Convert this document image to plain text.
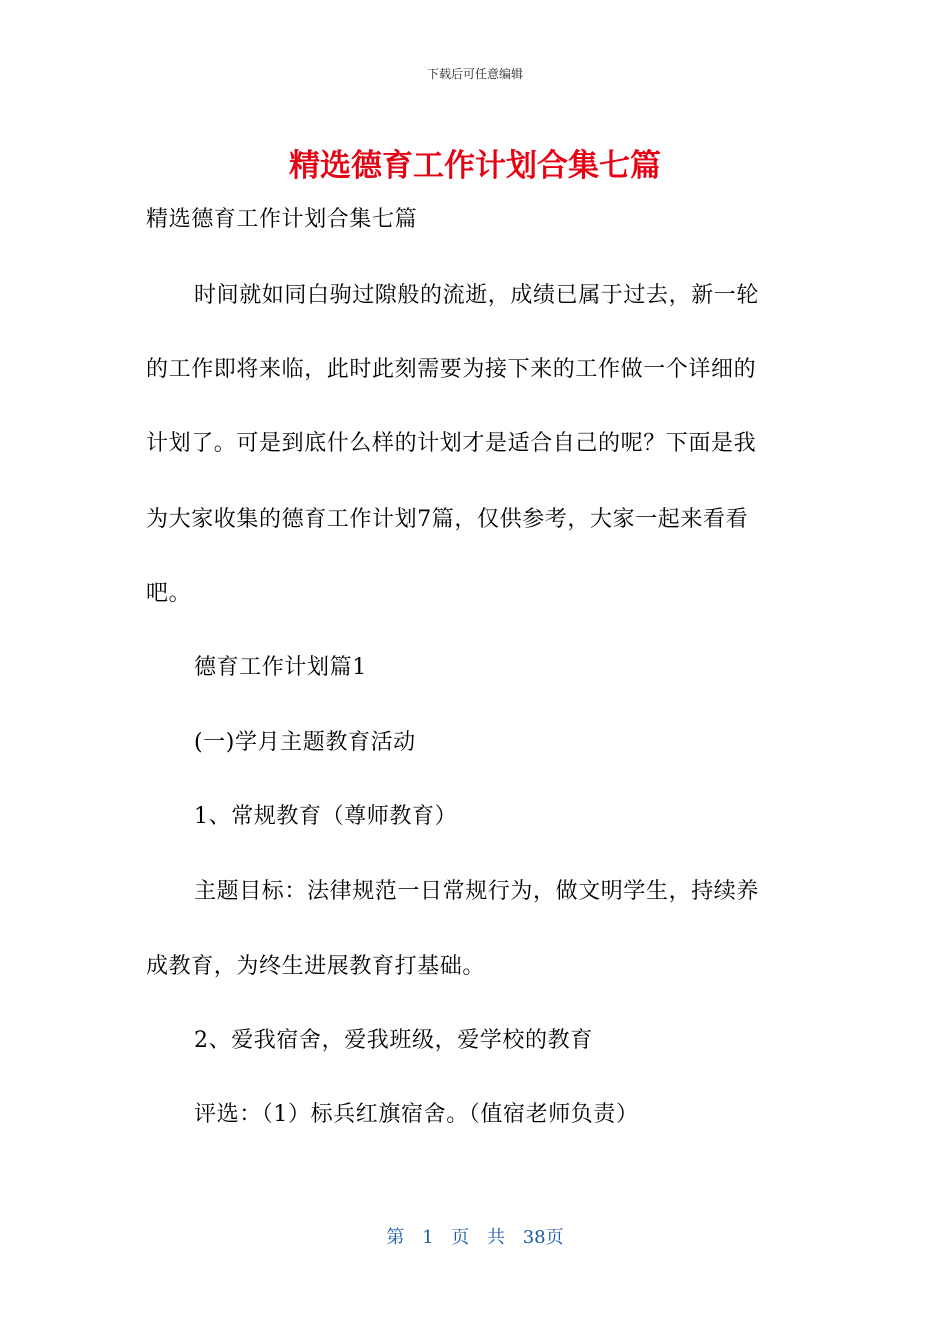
下载后可任意编辑
精选德育工作计划合集七篇
精选德育工作计划合集七篇
时间就如同白驹过隙般的流逝，成绩已属于过去，新一轮
的工作即将来临，此时此刻需要为接下来的工作做一个详细的
计划了。可是到底什么样的计划才是适合自己的呢？下面是我
为大家收集的德育工作计划7篇，仅供参考，大家一起来看看
吧。
德育工作计划篇1
(一)学月主题教育活动
1、常规教育（尊师教育）
主题目标：法律规范一日常规行为，做文明学生，持续养
成教育，为终生进展教育打基础。
2、爱我宿舍，爱我班级，爱学校的教育
评选：（1）标兵红旗宿舍。（值宿老师负责）
第 1 页 共 38页
